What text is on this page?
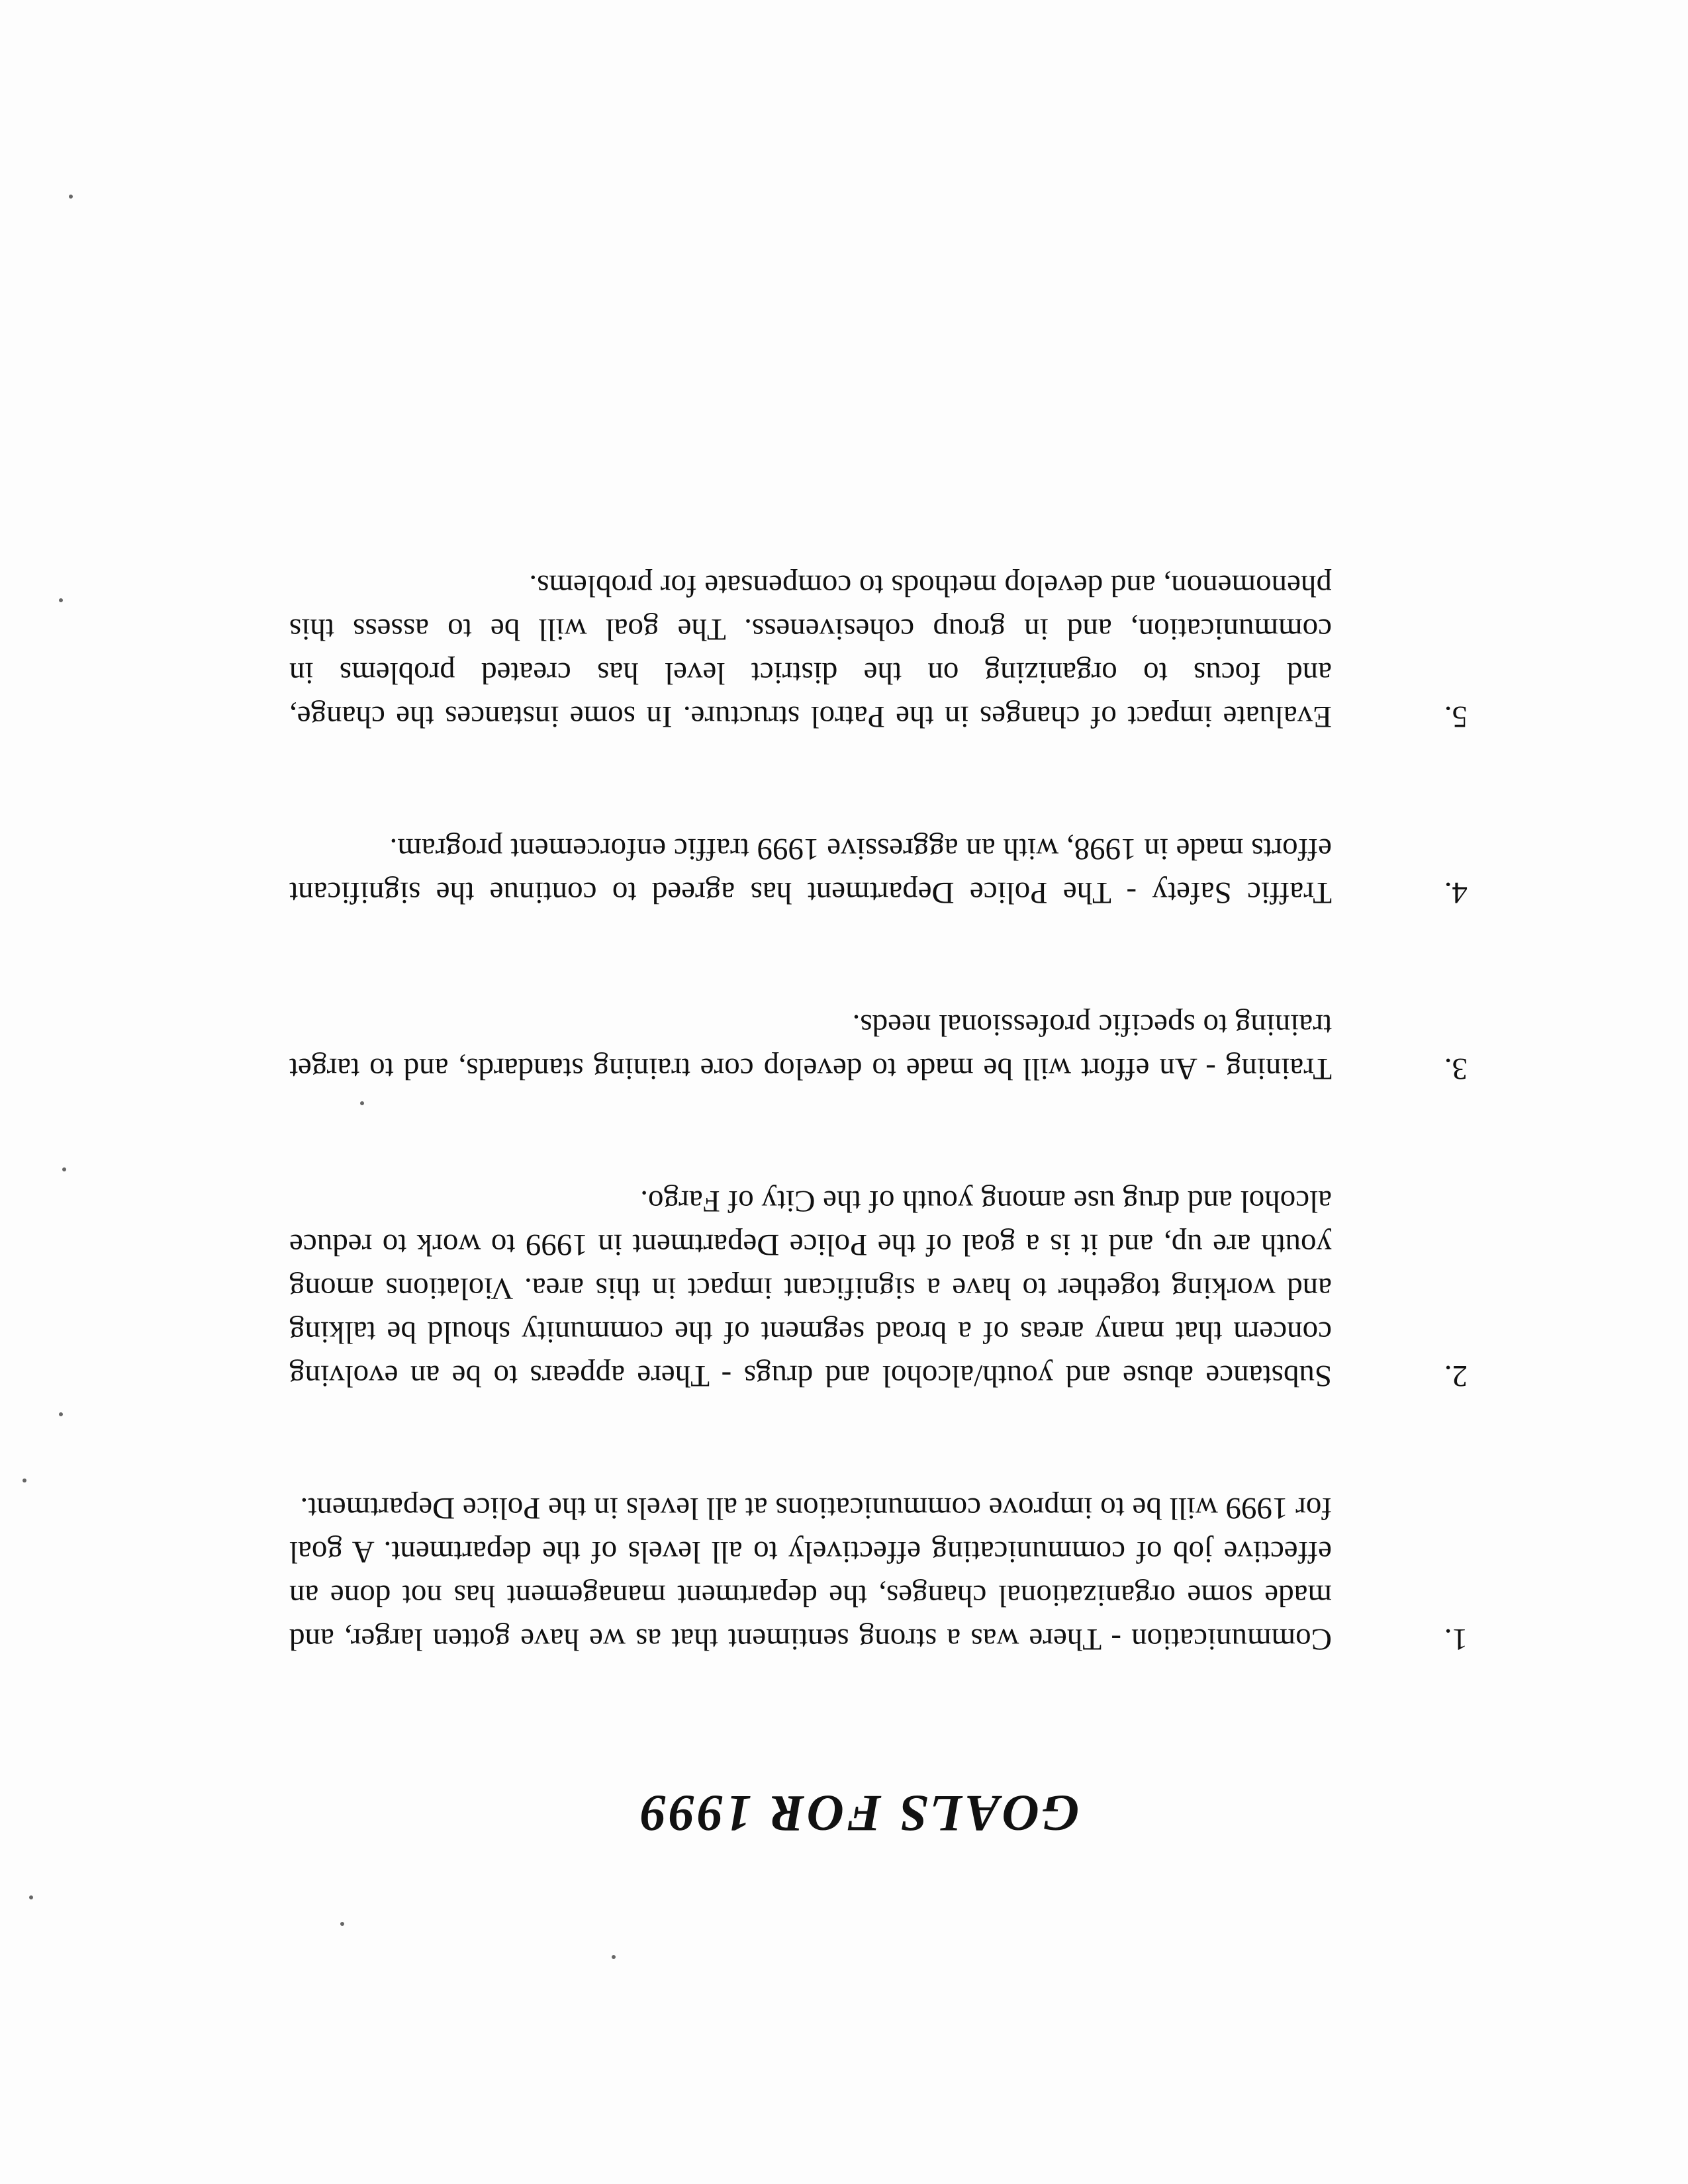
GOALS FOR 1999
1.
Communication - There was a strong sentiment that as we have gotten larger, and made some organizational changes, the department management has not done an effective job of communicating effectively to all levels of the department. A goal for 1999 will be to improve communications at all levels in the Police Department.
2.
Substance abuse and youth/alcohol and drugs - There appears to be an evolving concern that many areas of a broad segment of the community should be talking and working together to have a significant impact in this area. Violations among youth are up, and it is a goal of the Police Department in 1999 to work to reduce alcohol and drug use among youth of the City of Fargo.
3.
Training - An effort will be made to develop core training standards, and to target training to specific professional needs.
4.
Traffic Safety - The Police Department has agreed to continue the significant efforts made in 1998, with an aggressive 1999 traffic enforcement program.
5.
Evaluate impact of changes in the Patrol structure. In some instances the change, and focus to organizing on the district level has created problems in communication, and in group cohesiveness. The goal will be to assess this phenomenon, and develop methods to compensate for problems.
